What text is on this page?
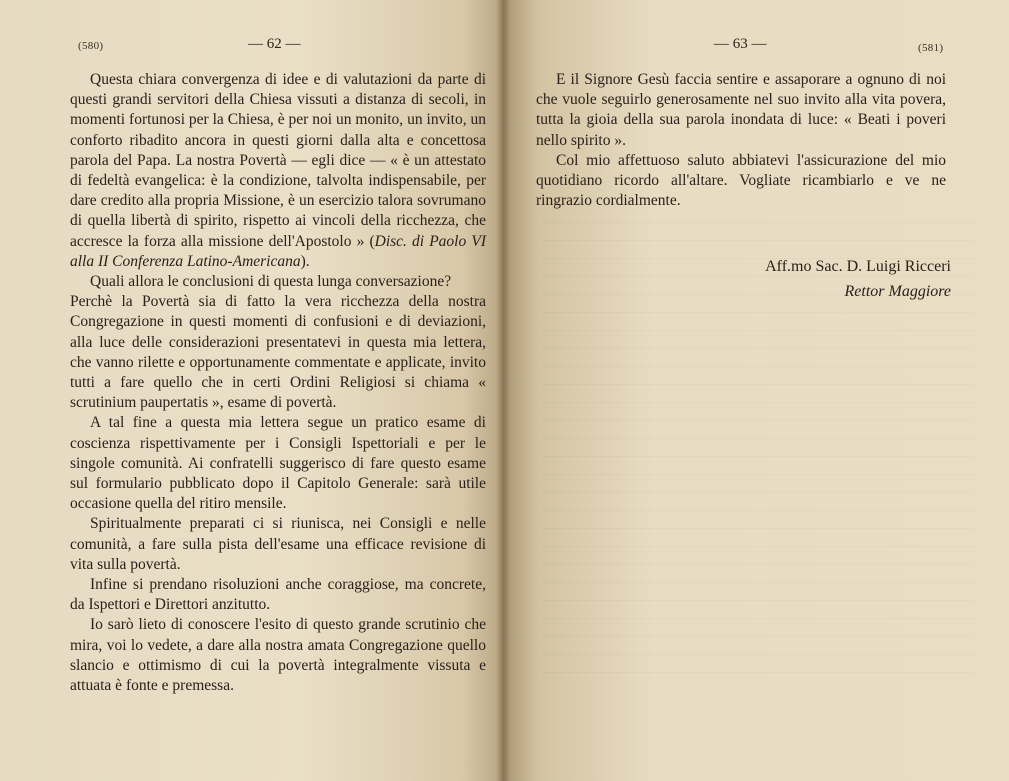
(580)	— 62 —

Questa chiara convergenza di idee e di valutazioni da parte di questi grandi servitori della Chiesa vissuti a distanza di secoli, in momenti fortunosi per la Chiesa, è per noi un monito, un invito, un conforto ribadito ancora in questi giorni dalla alta e concettosa parola del Papa. La nostra Povertà — egli dice — « è un attestato di fedeltà evangelica: è la condizione, talvolta indispensabile, per dare credito alla propria Missione, è un esercizio talora sovrumano di quella libertà di spirito, rispetto ai vincoli della ricchezza, che accresce la forza alla missione dell'Apostolo » (Disc. di Paolo VI alla II Conferenza Latino-Americana).

Quali allora le conclusioni di questa lunga conversazione?

Perchè la Povertà sia di fatto la vera ricchezza della nostra Congregazione in questi momenti di confusioni e di deviazioni, alla luce delle considerazioni presentatevi in questa mia lettera, che vanno rilette e opportunamente commentate e applicate, invito tutti a fare quello che in certi Ordini Religiosi si chiama « scrutinium paupertatis », esame di povertà.

A tal fine a questa mia lettera segue un pratico esame di coscienza rispettivamente per i Consigli Ispettoriali e per le singole comunità. Ai confratelli suggerisco di fare questo esame sul formulario pubblicato dopo il Capitolo Generale: sarà utile occasione quella del ritiro mensile.

Spiritualmente preparati ci si riunisca, nei Consigli e nelle comunità, a fare sulla pista dell'esame una efficace revisione di vita sulla povertà.

Infine si prendano risoluzioni anche coraggiose, ma concrete, da Ispettori e Direttori anzitutto.

Io sarò lieto di conoscere l'esito di questo grande scrutinio che mira, voi lo vedete, a dare alla nostra amata Congregazione quello slancio e ottimismo di cui la povertà integralmente vissuta e attuata è fonte e premessa.

— 63 —	(581)

E il Signore Gesù faccia sentire e assaporare a ognuno di noi che vuole seguirlo generosamente nel suo invito alla vita povera, tutta la gioia della sua parola inondata di luce: « Beati i poveri nello spirito ».

Col mio affettuoso saluto abbiatevi l'assicurazione del mio quotidiano ricordo all'altare. Vogliate ricambiarlo e ve ne ringrazio cordialmente.

Aff.mo Sac. D. Luigi Ricceri
Rettor Maggiore
